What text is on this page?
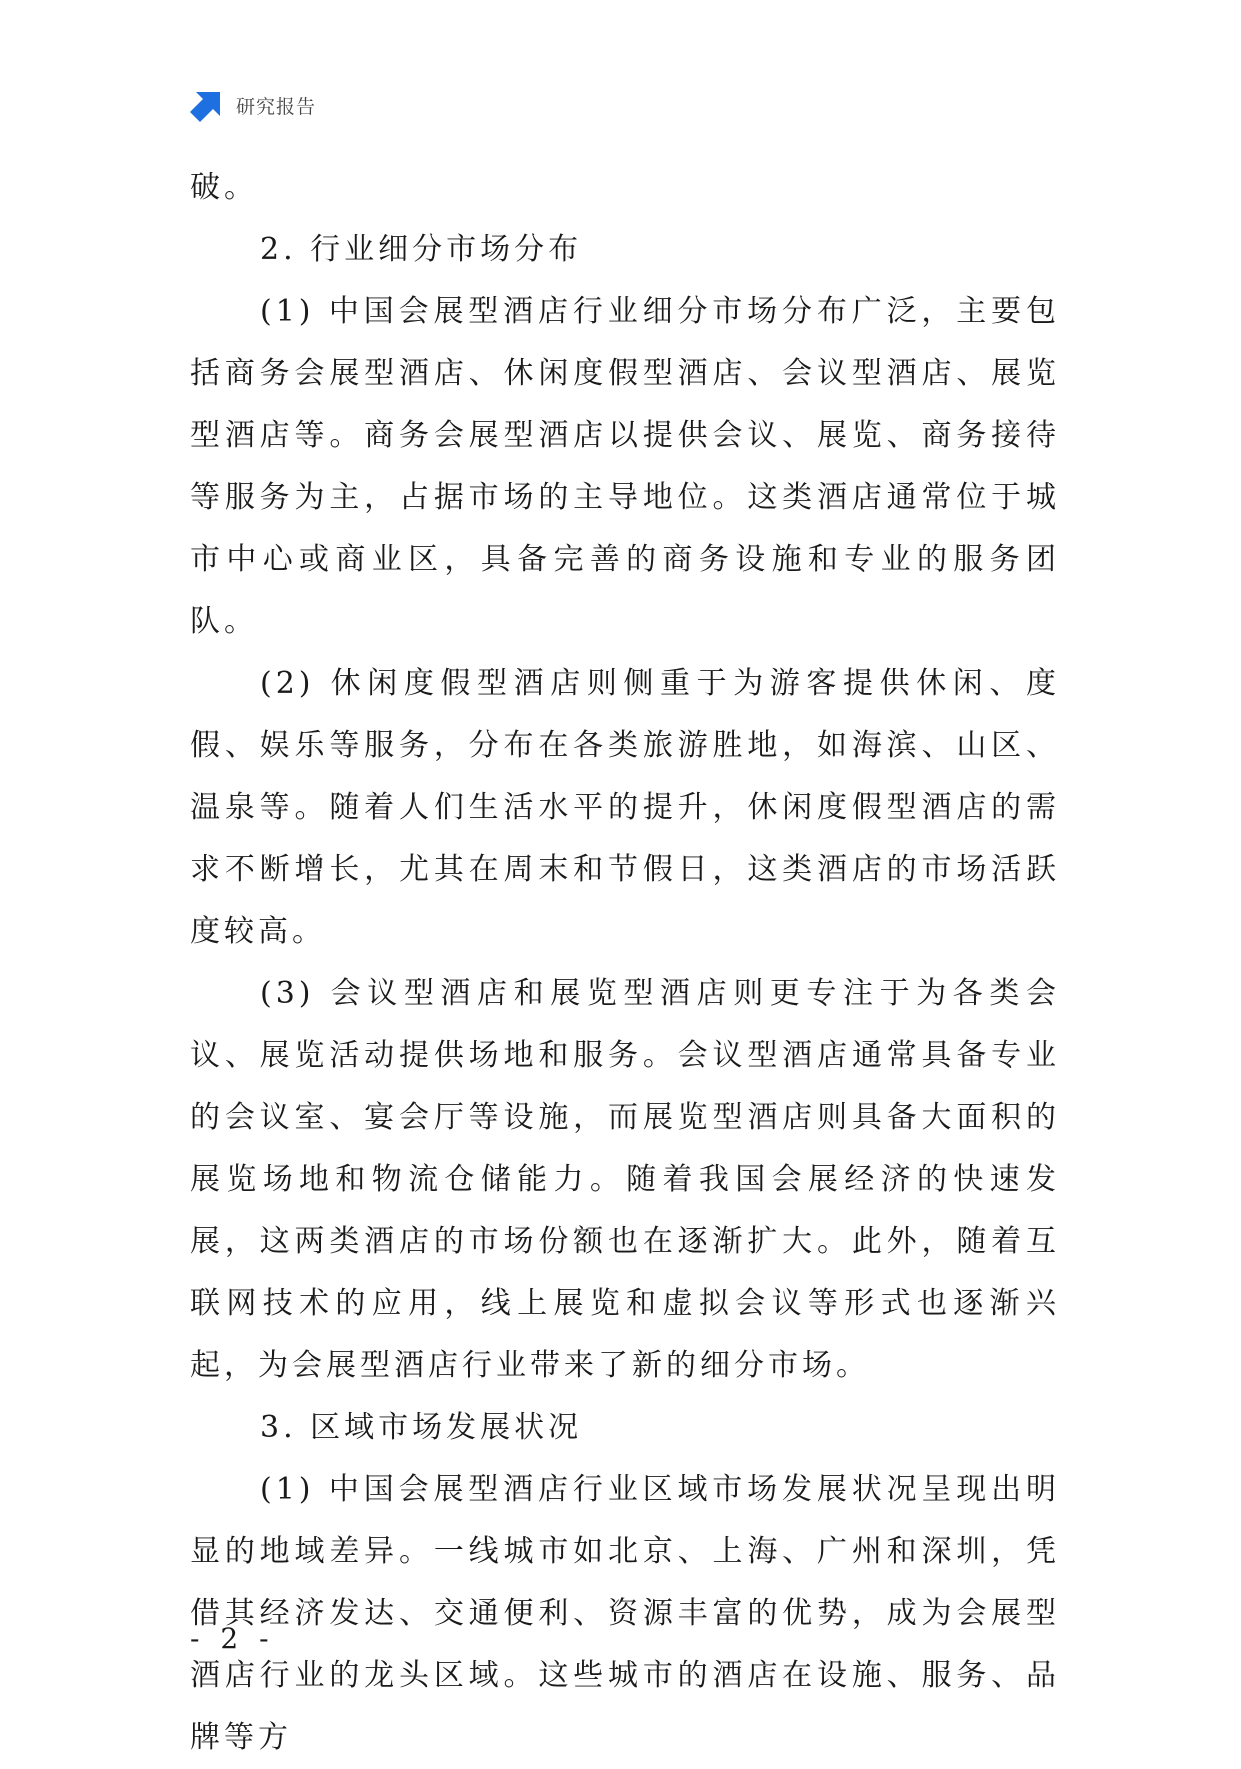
研究报告

破。

2. 行业细分市场分布

(1) 中国会展型酒店行业细分市场分布广泛，主要包括商务会展型酒店、休闲度假型酒店、会议型酒店、展览型酒店等。商务会展型酒店以提供会议、展览、商务接待等服务为主，占据市场的主导地位。这类酒店通常位于城市中心或商业区，具备完善的商务设施和专业的服务团队。

(2) 休闲度假型酒店则侧重于为游客提供休闲、度假、娱乐等服务，分布在各类旅游胜地，如海滨、山区、温泉等。随着人们生活水平的提升，休闲度假型酒店的需求不断增长，尤其在周末和节假日，这类酒店的市场活跃度较高。

(3) 会议型酒店和展览型酒店则更专注于为各类会议、展览活动提供场地和服务。会议型酒店通常具备专业的会议室、宴会厅等设施，而展览型酒店则具备大面积的展览场地和物流仓储能力。随着我国会展经济的快速发展，这两类酒店的市场份额也在逐渐扩大。此外，随着互联网技术的应用，线上展览和虚拟会议等形式也逐渐兴起，为会展型酒店行业带来了新的细分市场。

3. 区域市场发展状况

(1) 中国会展型酒店行业区域市场发展状况呈现出明显的地域差异。一线城市如北京、上海、广州和深圳，凭借其经济发达、交通便利、资源丰富的优势，成为会展型酒店行业的龙头区域。这些城市的酒店在设施、服务、品牌等方

- 2 -
